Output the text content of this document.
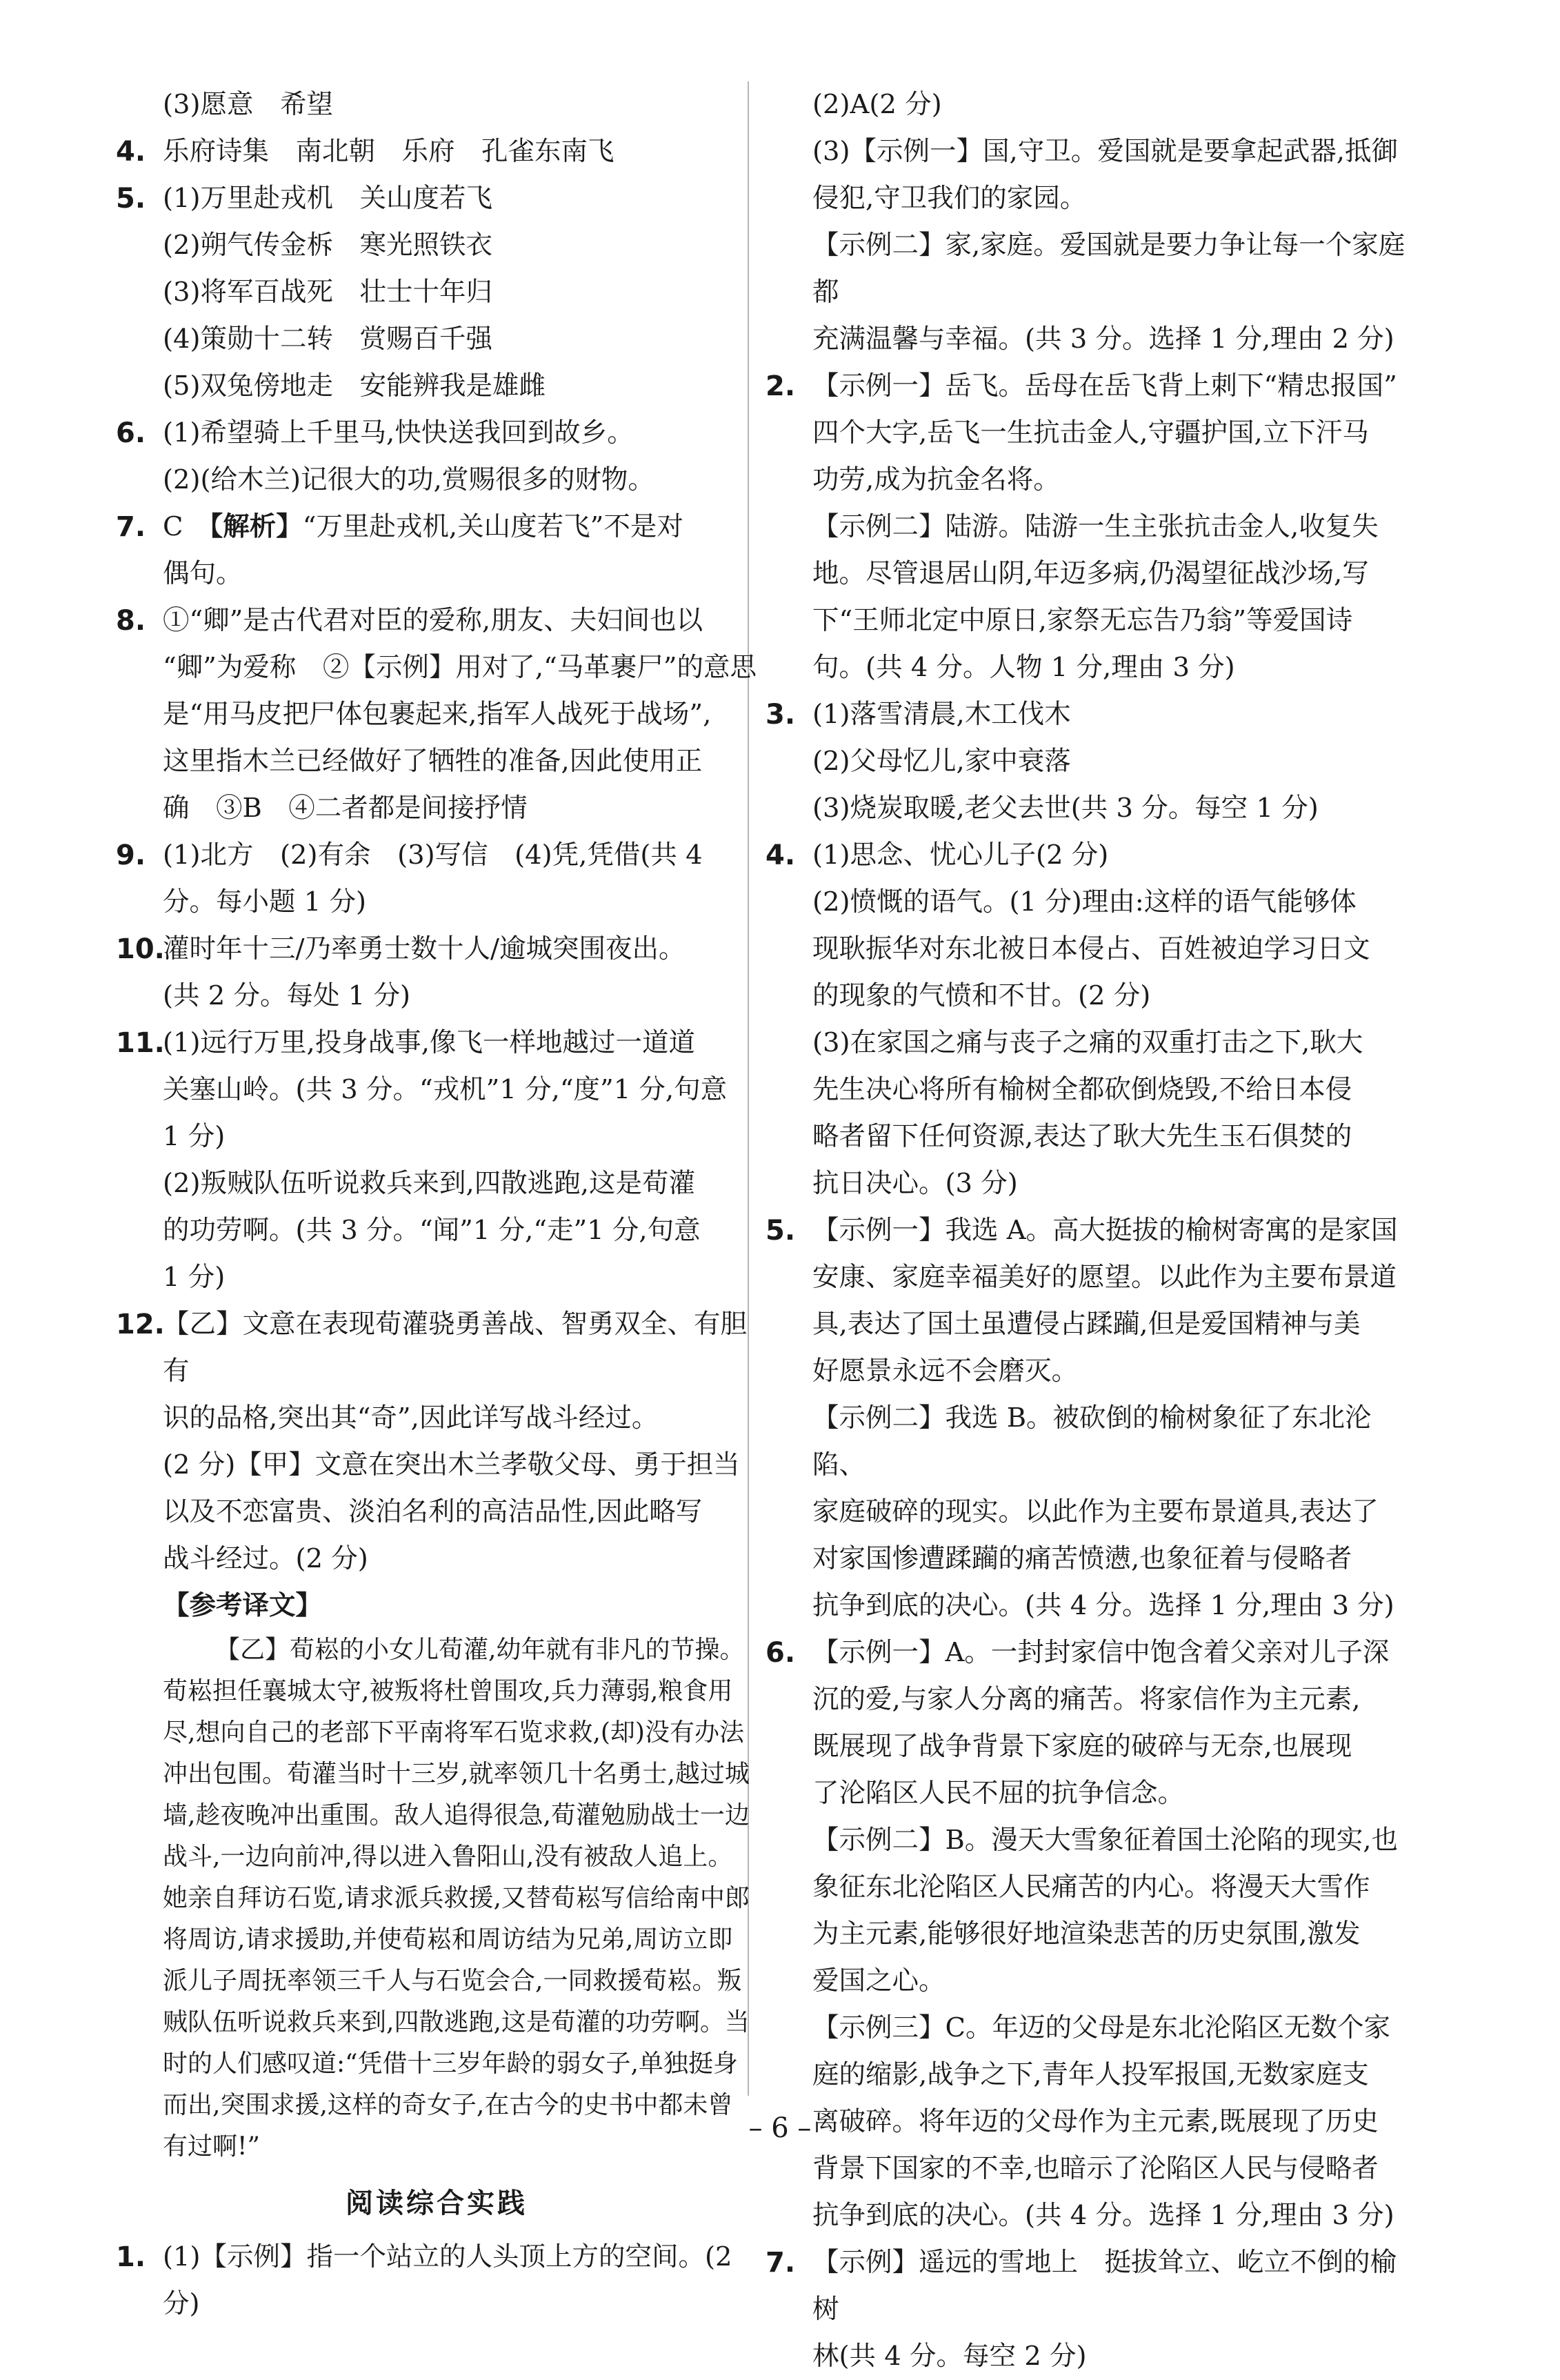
(3)愿意　希望
4. 乐府诗集　南北朝　乐府　孔雀东南飞
5. (1)万里赴戎机　关山度若飞
(2)朔气传金柝　寒光照铁衣
(3)将军百战死　壮士十年归
(4)策勋十二转　赏赐百千强
(5)双兔傍地走　安能辨我是雄雌
6. (1)希望骑上千里马,快快送我回到故乡。
(2)(给木兰)记很大的功,赏赐很多的财物。
7. C　【解析】“万里赴戎机,关山度若飞”不是对
偶句。
8. ①“卿”是古代君对臣的爱称,朋友、夫妇间也以
“卿”为爱称　②【示例】用对了,“马革裹尸”的意思
是“用马皮把尸体包裹起来,指军人战死于战场”,
这里指木兰已经做好了牺牲的准备,因此使用正
确　③B　④二者都是间接抒情
9. (1)北方　(2)有余　(3)写信　(4)凭,凭借(共 4
分。每小题 1 分)
10.
灌时年十三/乃率勇士数十人/逾城突围夜出。
(共 2 分。每处 1 分)
11.
(1)远行万里,投身战事,像飞一样地越过一道道
关塞山岭。(共 3 分。“戎机”1 分,“度”1 分,句意
1 分)
(2)叛贼队伍听说救兵来到,四散逃跑,这是荀灌
的功劳啊。(共 3 分。“闻”1 分,“走”1 分,句意
1 分)
12.
【乙】文意在表现荀灌骁勇善战、智勇双全、有胆有
识的品格,突出其“奇”,因此详写战斗经过。
(2 分)【甲】文意在突出木兰孝敬父母、勇于担当
以及不恋富贵、淡泊名利的高洁品性,因此略写
战斗经过。(2 分)
【参考译文】
【乙】荀崧的小女儿荀灌,幼年就有非凡的节操。荀崧担任襄城太守,被叛将杜曾围攻,兵力薄弱,粮食用尽,想向自己的老部下平南将军石览求救,(却)没有办法冲出包围。荀灌当时十三岁,就率领几十名勇士,越过城墙,趁夜晚冲出重围。敌人追得很急,荀灌勉励战士一边战斗,一边向前冲,得以进入鲁阳山,没有被敌人追上。她亲自拜访石览,请求派兵救援,又替荀崧写信给南中郎将周访,请求援助,并使荀崧和周访结为兄弟,周访立即派儿子周抚率领三千人与石览会合,一同救援荀崧。叛贼队伍听说救兵来到,四散逃跑,这是荀灌的功劳啊。当时的人们感叹道:“凭借十三岁年龄的弱女子,单独挺身而出,突围求援,这样的奇女子,在古今的史书中都未曾有过啊!”
阅读综合实践
1. (1)【示例】指一个站立的人头顶上方的空间。(2 分)
(2)A(2 分)
(3)【示例一】国,守卫。爱国就是要拿起武器,抵御
侵犯,守卫我们的家园。
【示例二】家,家庭。爱国就是要力争让每一个家庭都
充满温馨与幸福。(共 3 分。选择 1 分,理由 2 分)
2. 【示例一】岳飞。岳母在岳飞背上刺下“精忠报国”
四个大字,岳飞一生抗击金人,守疆护国,立下汗马
功劳,成为抗金名将。
【示例二】陆游。陆游一生主张抗击金人,收复失
地。尽管退居山阴,年迈多病,仍渴望征战沙场,写
下“王师北定中原日,家祭无忘告乃翁”等爱国诗
句。(共 4 分。人物 1 分,理由 3 分)
3. (1)落雪清晨,木工伐木
(2)父母忆儿,家中衰落
(3)烧炭取暖,老父去世(共 3 分。每空 1 分)
4. (1)思念、忧心儿子(2 分)
(2)愤慨的语气。(1 分)理由:这样的语气能够体
现耿振华对东北被日本侵占、百姓被迫学习日文
的现象的气愤和不甘。(2 分)
(3)在家国之痛与丧子之痛的双重打击之下,耿大
先生决心将所有榆树全都砍倒烧毁,不给日本侵
略者留下任何资源,表达了耿大先生玉石俱焚的
抗日决心。(3 分)
5. 【示例一】我选 A。高大挺拔的榆树寄寓的是家国
安康、家庭幸福美好的愿望。以此作为主要布景道
具,表达了国土虽遭侵占蹂躏,但是爱国精神与美
好愿景永远不会磨灭。
【示例二】我选 B。被砍倒的榆树象征了东北沦陷、
家庭破碎的现实。以此作为主要布景道具,表达了
对家国惨遭蹂躏的痛苦愤懑,也象征着与侵略者
抗争到底的决心。(共 4 分。选择 1 分,理由 3 分)
6. 【示例一】A。一封封家信中饱含着父亲对儿子深
沉的爱,与家人分离的痛苦。将家信作为主元素,
既展现了战争背景下家庭的破碎与无奈,也展现
了沦陷区人民不屈的抗争信念。
【示例二】B。漫天大雪象征着国土沦陷的现实,也
象征东北沦陷区人民痛苦的内心。将漫天大雪作
为主元素,能够很好地渲染悲苦的历史氛围,激发
爱国之心。
【示例三】C。年迈的父母是东北沦陷区无数个家
庭的缩影,战争之下,青年人投军报国,无数家庭支
离破碎。将年迈的父母作为主元素,既展现了历史
背景下国家的不幸,也暗示了沦陷区人民与侵略者
抗争到底的决心。(共 4 分。选择 1 分,理由 3 分)
7. 【示例】遥远的雪地上　挺拔耸立、屹立不倒的榆树
林(共 4 分。每空 2 分)
– 6 –
